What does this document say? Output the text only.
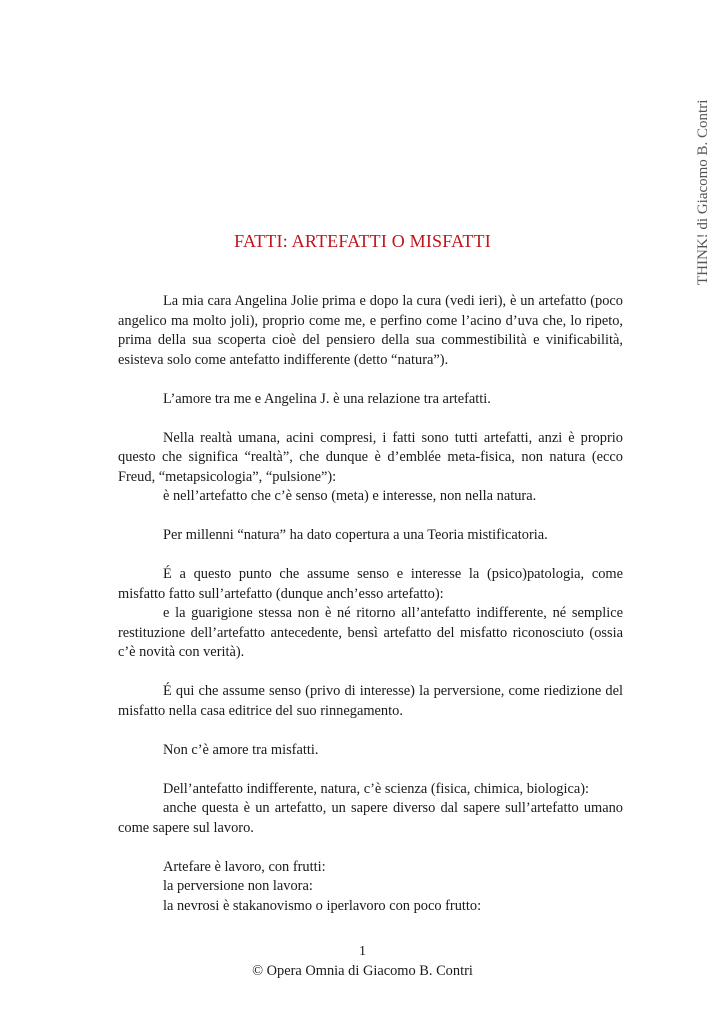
THINK! di Giacomo B. Contri
FATTI: ARTEFATTI O MISFATTI

La mia cara Angelina Jolie prima e dopo la cura (vedi ieri), è un artefatto (poco angelico ma molto joli), proprio come me, e perfino come l’acino d’uva che, lo ripeto, prima della sua scoperta cioè del pensiero della sua commestibilità e vinificabilità, esisteva solo come antefatto indifferente (detto “natura”).

L’amore tra me e Angelina J. è una relazione tra artefatti.

Nella realtà umana, acini compresi, i fatti sono tutti artefatti, anzi è proprio questo che significa “realtà”, che dunque è d’emblée meta-fisica, non natura (ecco Freud, “metapsicologia”, “pulsione”):
è nell’artefatto che c’è senso (meta) e interesse, non nella natura.

Per millenni “natura” ha dato copertura a una Teoria mistificatoria.

É a questo punto che assume senso e interesse la (psico)patologia, come misfatto fatto sull’artefatto (dunque anch’esso artefatto):
e la guarigione stessa non è né ritorno all’antefatto indifferente, né semplice restituzione dell’artefatto antecedente, bensì artefatto del misfatto riconosciuto (ossia c’è novità con verità).

É qui che assume senso (privo di interesse) la perversione, come riedizione del misfatto nella casa editrice del suo rinnegamento.

Non c’è amore tra misfatti.

Dell’antefatto indifferente, natura, c’è scienza (fisica, chimica, biologica):
anche questa è un artefatto, un sapere diverso dal sapere sull’artefatto umano come sapere sul lavoro.

Artefare è lavoro, con frutti:
la perversione non lavora:
la nevrosi è stakanovismo o iperlavoro con poco frutto:

1
© Opera Omnia di Giacomo B. Contri
